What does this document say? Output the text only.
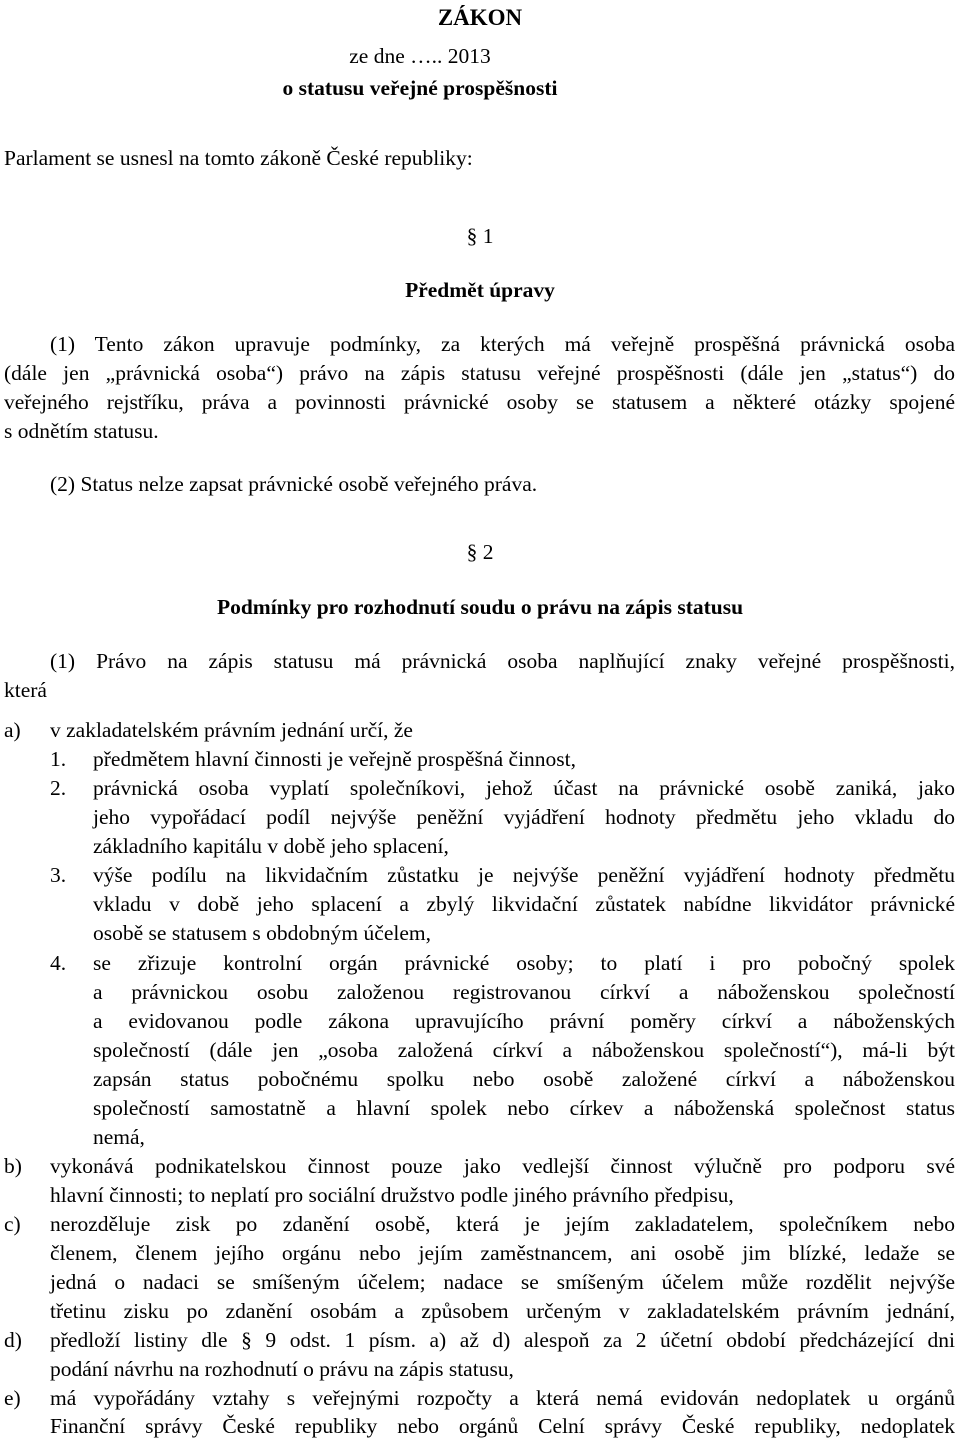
ZÁKON
ze dne ….. 2013
o statusu veřejné prospěšnosti
Parlament se usnesl na tomto zákoně České republiky:
§ 1
Předmět úpravy
(1) Tento zákon upravuje podmínky, za kterých má veřejně prospěšná právnická osoba
(dále jen „právnická osoba“) právo na zápis statusu veřejné prospěšnosti (dále jen „status“) do
veřejného rejstříku, práva a povinnosti právnické osoby se statusem a některé otázky spojené
s odnětím statusu.
(2) Status nelze zapsat právnické osobě veřejného práva.
§ 2
Podmínky pro rozhodnutí soudu o právu na zápis statusu
(1) Právo na zápis statusu má právnická osoba naplňující znaky veřejné prospěšnosti,
která
a) v zakladatelském právním jednání určí, že
1. předmětem hlavní činnosti je veřejně prospěšná činnost,
2. právnická osoba vyplatí společníkovi, jehož účast na právnické osobě zaniká, jako
jeho vypořádací podíl nejvýše peněžní vyjádření hodnoty předmětu jeho vkladu do
základního kapitálu v době jeho splacení,
3. výše podílu na likvidačním zůstatku je nejvýše peněžní vyjádření hodnoty předmětu
vkladu v době jeho splacení a zbylý likvidační zůstatek nabídne likvidátor právnické
osobě se statusem s obdobným účelem,
4. se zřizuje kontrolní orgán právnické osoby; to platí i pro pobočný spolek
a právnickou osobu založenou registrovanou církví a náboženskou společností
a evidovanou podle zákona upravujícího právní poměry církví a náboženských
společností (dále jen „osoba založená církví a náboženskou společností“), má-li být
zapsán status pobočnému spolku nebo osobě založené církví a náboženskou
společností samostatně a hlavní spolek nebo církev a náboženská společnost status
nemá,
b) vykonává podnikatelskou činnost pouze jako vedlejší činnost výlučně pro podporu své
hlavní činnosti; to neplatí pro sociální družstvo podle jiného právního předpisu,
c) nerozděluje zisk po zdanění osobě, která je jejím zakladatelem, společníkem nebo
členem, členem jejího orgánu nebo jejím zaměstnancem, ani osobě jim blízké, ledaže se
jedná o nadaci se smíšeným účelem; nadace se smíšeným účelem může rozdělit nejvýše
třetinu zisku po zdanění osobám a způsobem určeným v zakladatelském právním jednání,
d) předloží listiny dle § 9 odst. 1 písm. a) až d) alespoň za 2 účetní období předcházející dni
podání návrhu na rozhodnutí o právu na zápis statusu,
e) má vypořádány vztahy s veřejnými rozpočty a která nemá evidován nedoplatek u orgánů
Finanční správy České republiky nebo orgánů Celní správy České republiky, nedoplatek
